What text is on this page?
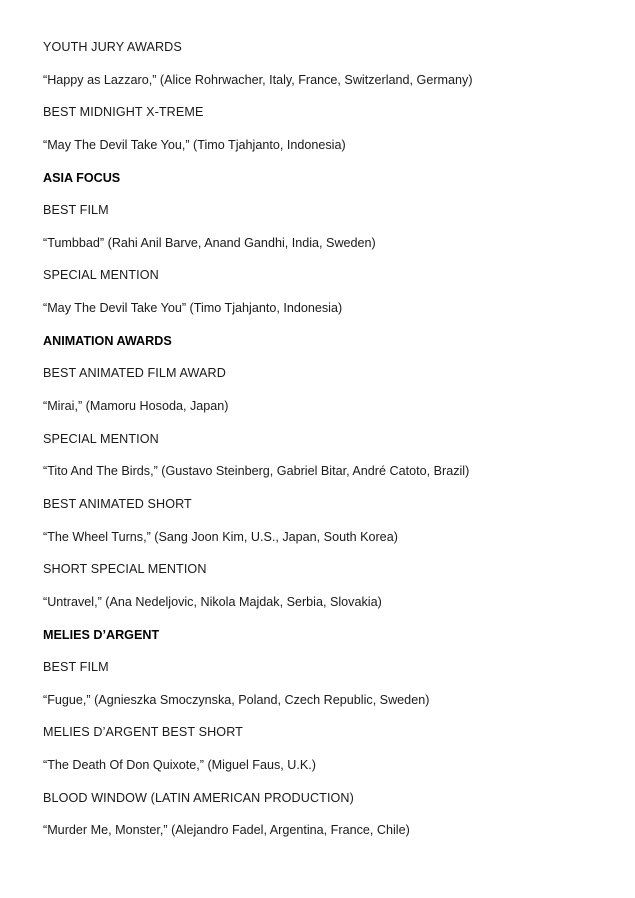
YOUTH JURY AWARDS
“Happy as Lazzaro,” (Alice Rohrwacher, Italy, France, Switzerland, Germany)
BEST MIDNIGHT X-TREME
“May The Devil Take You,” (Timo Tjahjanto, Indonesia)
ASIA FOCUS
BEST FILM
“Tumbbad” (Rahi Anil Barve, Anand Gandhi, India, Sweden)
SPECIAL MENTION
“May The Devil Take You” (Timo Tjahjanto, Indonesia)
ANIMATION AWARDS
BEST ANIMATED FILM AWARD
“Mirai,” (Mamoru Hosoda, Japan)
SPECIAL MENTION
“Tito And The Birds,” (Gustavo Steinberg, Gabriel Bitar, André Catoto, Brazil)
BEST ANIMATED SHORT
“The Wheel Turns,” (Sang Joon Kim, U.S., Japan, South Korea)
SHORT SPECIAL MENTION
“Untravel,” (Ana Nedeljovic, Nikola Majdak, Serbia, Slovakia)
MELIES D’ARGENT
BEST FILM
“Fugue,” (Agnieszka Smoczynska, Poland, Czech Republic, Sweden)
MELIES D’ARGENT BEST SHORT
“The Death Of Don Quixote,” (Miguel Faus, U.K.)
BLOOD WINDOW (LATIN AMERICAN PRODUCTION)
“Murder Me, Monster,” (Alejandro Fadel, Argentina, France, Chile)
